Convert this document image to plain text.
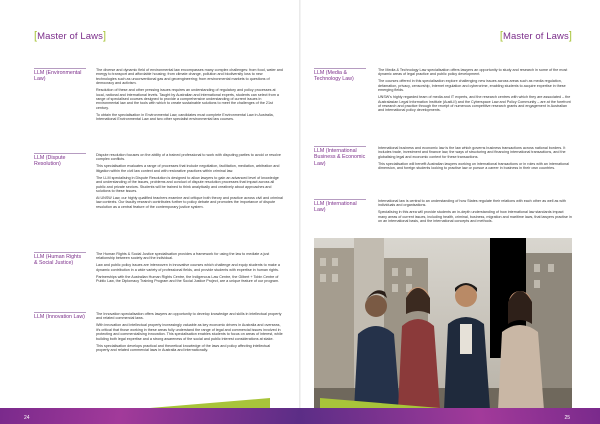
[Master of Laws]	[Master of Laws]
LLM (Environmental Law)

The diverse and dynamic field of environmental law encompasses many complex challenges: from food, water and energy to transport and affordable housing; from climate change, pollution and biodiversity loss to new technologies such as unconventional gas and geoengineering; from environmental markets to questions of democracy and activism.

Resolution of these and other pressing issues requires an understanding of regulatory and policy processes at local, national and international levels. Taught by Australian and international experts, students can select from a range of specialised courses designed to provide a comprehensive understanding of current issues in environmental law and the tools with which to create sustainable solutions to meet the challenges of the 21st century.

To obtain the specialisation in Environmental Law, candidates must complete Environmental Law in Australia, International Environmental Law and two other specialist environmental law courses.

LLM (Dispute Resolution)

Dispute resolution focuses on the ability of a trained professional to work with disputing parties to avoid or resolve complex conflicts.

This specialisation evaluates a range of processes that include negotiation, facilitation, mediation, arbitration and litigation within the civil law context and with restorative practices within criminal law.

The LLM specialising in Dispute Resolution is designed to allow lawyers to gain an advanced level of knowledge and understanding of the issues, problems and conduct of dispute resolution processes that impact across all public and private sectors. Students will be trained to think analytically and creatively about approaches and solutions to these issues.

At UNSW Law, our highly qualified teachers examine and critique both theory and practice across civil and criminal law contexts. Our faculty research contributes further to policy debate and promotes the importance of dispute resolution as a central feature of the contemporary justice system.

LLM (Human Rights & Social Justice)

The Human Rights & Social Justice specialisation provides a framework for using the law to mediate a just relationship between society and the individual.

Law and public policy issues are interwoven in innovative courses which challenge and equip students to make a dynamic contribution in a wide variety of professional fields, and provide students with expertise in human rights.

Partnerships with the Australian Human Rights Centre, the Indigenous Law Centre, the Gilbert + Tobin Centre of Public Law, the Diplomacy Training Program and the Social Justice Project, are a unique feature of our program.

LLM (Innovation Law)	The Innovation specialisation offers lawyers an opportunity to develop knowledge and skills in intellectual property and related commercial laws.

With innovation and intellectual property increasingly valuable as key economic drivers in Australia and overseas, it's critical that those working in these areas fully understand the range of legal and commercial issues involved in protecting and commercialising innovation. This specialisation enables students to focus on areas of interest, while building both legal expertise and a strong awareness of the social and public interest considerations at stake.

This specialisation develops practical and theoretical knowledge of the laws and policy affecting intellectual property and related commercial laws in Australia and internationally.

LLM (Media & Technology Law)

The Media & Technology Law specialisation offers lawyers an opportunity to study and research in some of the most dynamic areas of legal practice and public policy development.

The courses offered in this specialisation explore challenging new issues across areas such as media regulation, defamation, privacy, censorship, Internet regulation and cybercrime, enabling students to acquire expertise in these emerging fields.

UNSW's highly regarded team of media and IT experts, and the research centres with which they are associated – the Australasian Legal Information Institute (AustLII) and the Cyberspace Law and Policy Community – are at the forefront of research and practice through the receipt of numerous competitive research grants and engagement in Australian and international policy developments.

LLM (International Business & Economic Law)

International business and economic law is the law which governs business transactions across national borders. It includes trade, investment and finance law, the ways of structuring and financing international transactions, and the globalising legal and economic context for these transactions.

This specialisation will benefit Australian lawyers working on international transactions or in roles with an international dimension, and foreign students looking to practise law or pursue a career in business in their own countries.

LLM (International Law)

International law is central to an understanding of how States regulate their relations with each other as well as with individuals and organisations.

Specialising in this area will provide students an in-depth understanding of how international law standards impact many areas of current issues, including health, criminal, business, migration and maritime laws, that lawyers practise in on an international basis, and the international concepts and methods.

24	25
